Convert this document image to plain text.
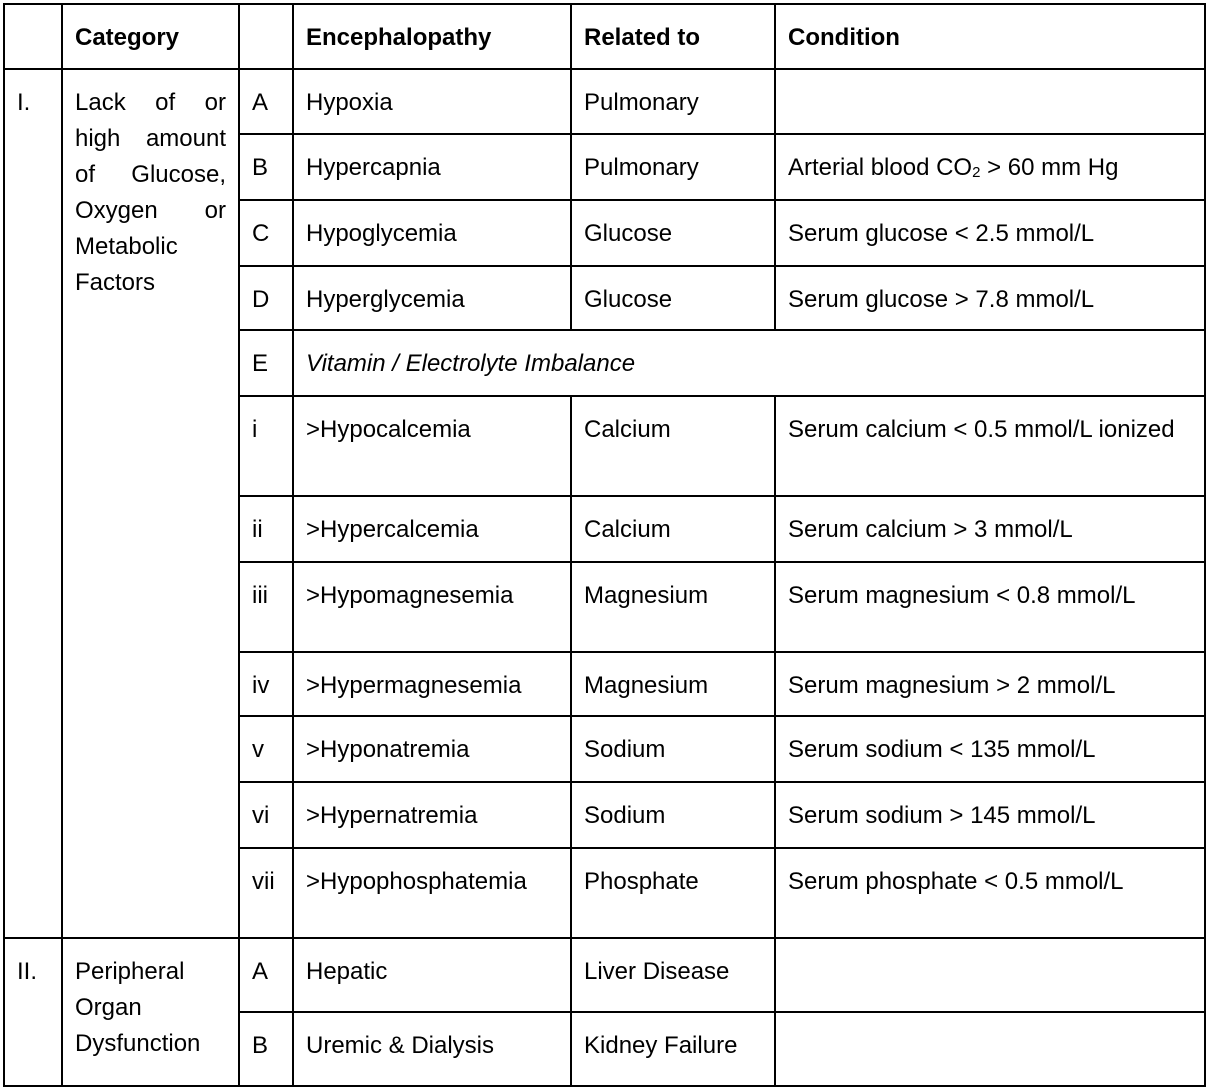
	Category		Encephalopathy	Related to	Condition
I.	Lack of or high amount of Glucose, Oxygen or Metabolic Factors	A	Hypoxia	Pulmonary	
		B	Hypercapnia	Pulmonary	Arterial blood $CO_2 > 60$ mm Hg
		C	Hypoglycemia	Glucose	Serum glucose < 2.5 mmol/L
		D	Hyperglycemia	Glucose	Serum glucose > 7.8 mmol/L
		E	Vitamin / Electrolyte Imbalance		
		i	>Hypocalcemia	Calcium	Serum calcium < 0.5 mmol/L ionized
		ii	>Hypercalcemia	Calcium	Serum calcium > 3 mmol/L
		iii	>Hypomagnesemia	Magnesium	Serum magnesium < 0.8 mmol/L
		iv	>Hypermagnesemia	Magnesium	Serum magnesium > 2 mmol/L
		v	>Hyponatremia	Sodium	Serum sodium < 135 mmol/L
		vi	>Hypernatremia	Sodium	Serum sodium > 145 mmol/L
		vii	>Hypophosphatemia	Phosphate	Serum phosphate < 0.5 mmol/L
II.	Peripheral Organ Dysfunction	A	Hepatic	Liver Disease	
		B	Uremic & Dialysis	Kidney Failure	
